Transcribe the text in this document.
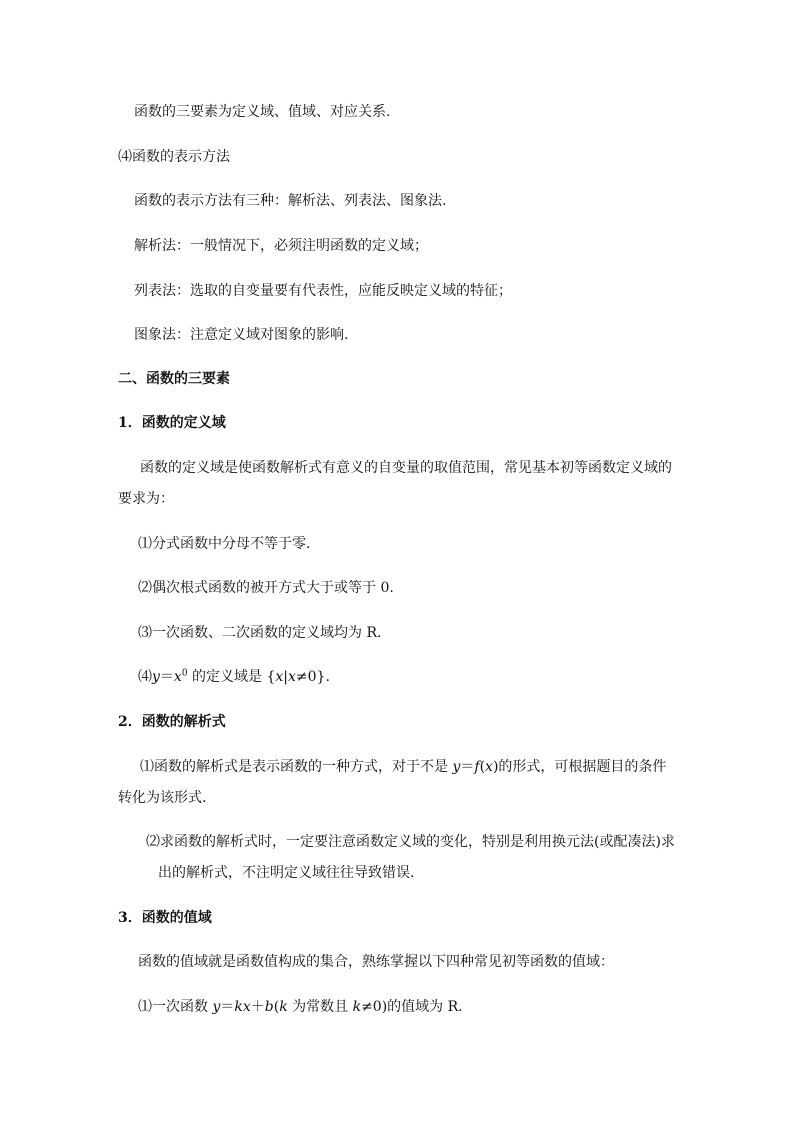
函数的三要素为定义域、值域、对应关系.
⑷函数的表示方法
函数的表示方法有三种：解析法、列表法、图象法.
解析法：一般情况下，必须注明函数的定义域；
列表法：选取的自变量要有代表性，应能反映定义域的特征；
图象法：注意定义域对图象的影响.
二、函数的三要素
1．函数的定义域
函数的定义域是使函数解析式有意义的自变量的取值范围，常见基本初等函数定义域的
要求为：
⑴分式函数中分母不等于零.
⑵偶次根式函数的被开方式大于或等于 0.
⑶一次函数、二次函数的定义域均为 R.
$⑷y=x^0$ 的定义域是 {x|x≠0}.
2．函数的解析式
⑴函数的解析式是表示函数的一种方式，对于不是 y＝f(x)的形式，可根据题目的条件
转化为该形式.
⑵求函数的解析式时，一定要注意函数定义域的变化，特别是利用换元法(或配凑法)求
出的解析式，不注明定义域往往导致错误.
3．函数的值域
函数的值域就是函数值构成的集合，熟练掌握以下四种常见初等函数的值域：
⑴一次函数 y＝kx＋b(k 为常数且 k≠0)的值域为 R.
